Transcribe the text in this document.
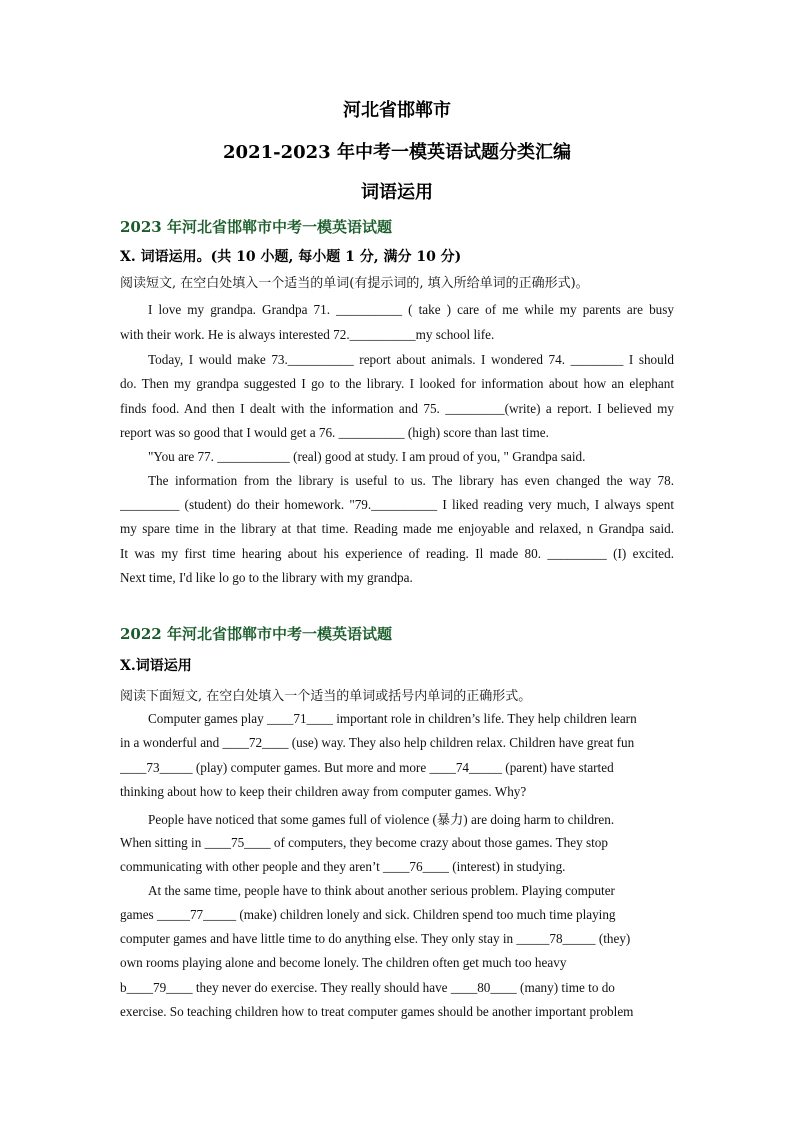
河北省邯郸市
2021-2023 年中考一模英语试题分类汇编
词语运用
2023 年河北省邯郸市中考一模英语试题
X. 词语运用。(共 10 小题, 每小题 1 分, 满分 10 分)
阅读短文, 在空白处填入一个适当的单词(有提示词的, 填入所给单词的正确形式)。
I love my grandpa. Grandpa 71. __________ ( take ) care of me while my parents are busy
with their work. He is always interested 72.__________my school life.
Today, I would make 73.__________ report about animals. I wondered 74. ________ I should
do. Then my grandpa suggested I go to the library. I looked for information about how an elephant
finds food. And then I dealt with the information and 75. _________(write) a report. I believed my
report was so good that I would get a 76. __________ (high) score than last time.
"You are 77. ___________ (real) good at study. I am proud of you, " Grandpa said.
The information from the library is useful to us. The library has even changed the way 78.
_________ (student) do their homework. "79.__________ I liked reading very much, I always spent
my spare time in the library at that time. Reading made me enjoyable and relaxed, n Grandpa said.
It was my first time hearing about his experience of reading. Il made 80. _________ (I) excited.
Next time, I'd like lo go to the library with my grandpa.
2022 年河北省邯郸市中考一模英语试题
X.词语运用
阅读下面短文, 在空白处填入一个适当的单词或括号内单词的正确形式。
Computer games play ____71____ important role in children’s life. They help children learn
in a wonderful and ____72____ (use) way. They also help children relax. Children have great fun
____73_____ (play) computer games. But more and more ____74_____ (parent) have started
thinking about how to keep their children away from computer games. Why?
People have noticed that some games full of violence (暴力) are doing harm to children.
When sitting in ____75____ of computers, they become crazy about those games. They stop
communicating with other people and they aren’t ____76____ (interest) in studying.
At the same time, people have to think about another serious problem. Playing computer
games _____77_____ (make) children lonely and sick. Children spend too much time playing
computer games and have little time to do anything else. They only stay in _____78_____ (they)
own rooms playing alone and become lonely. The children often get much too heavy
b____79____ they never do exercise. They really should have ____80____ (many) time to do
exercise. So teaching children how to treat computer games should be another important problem
